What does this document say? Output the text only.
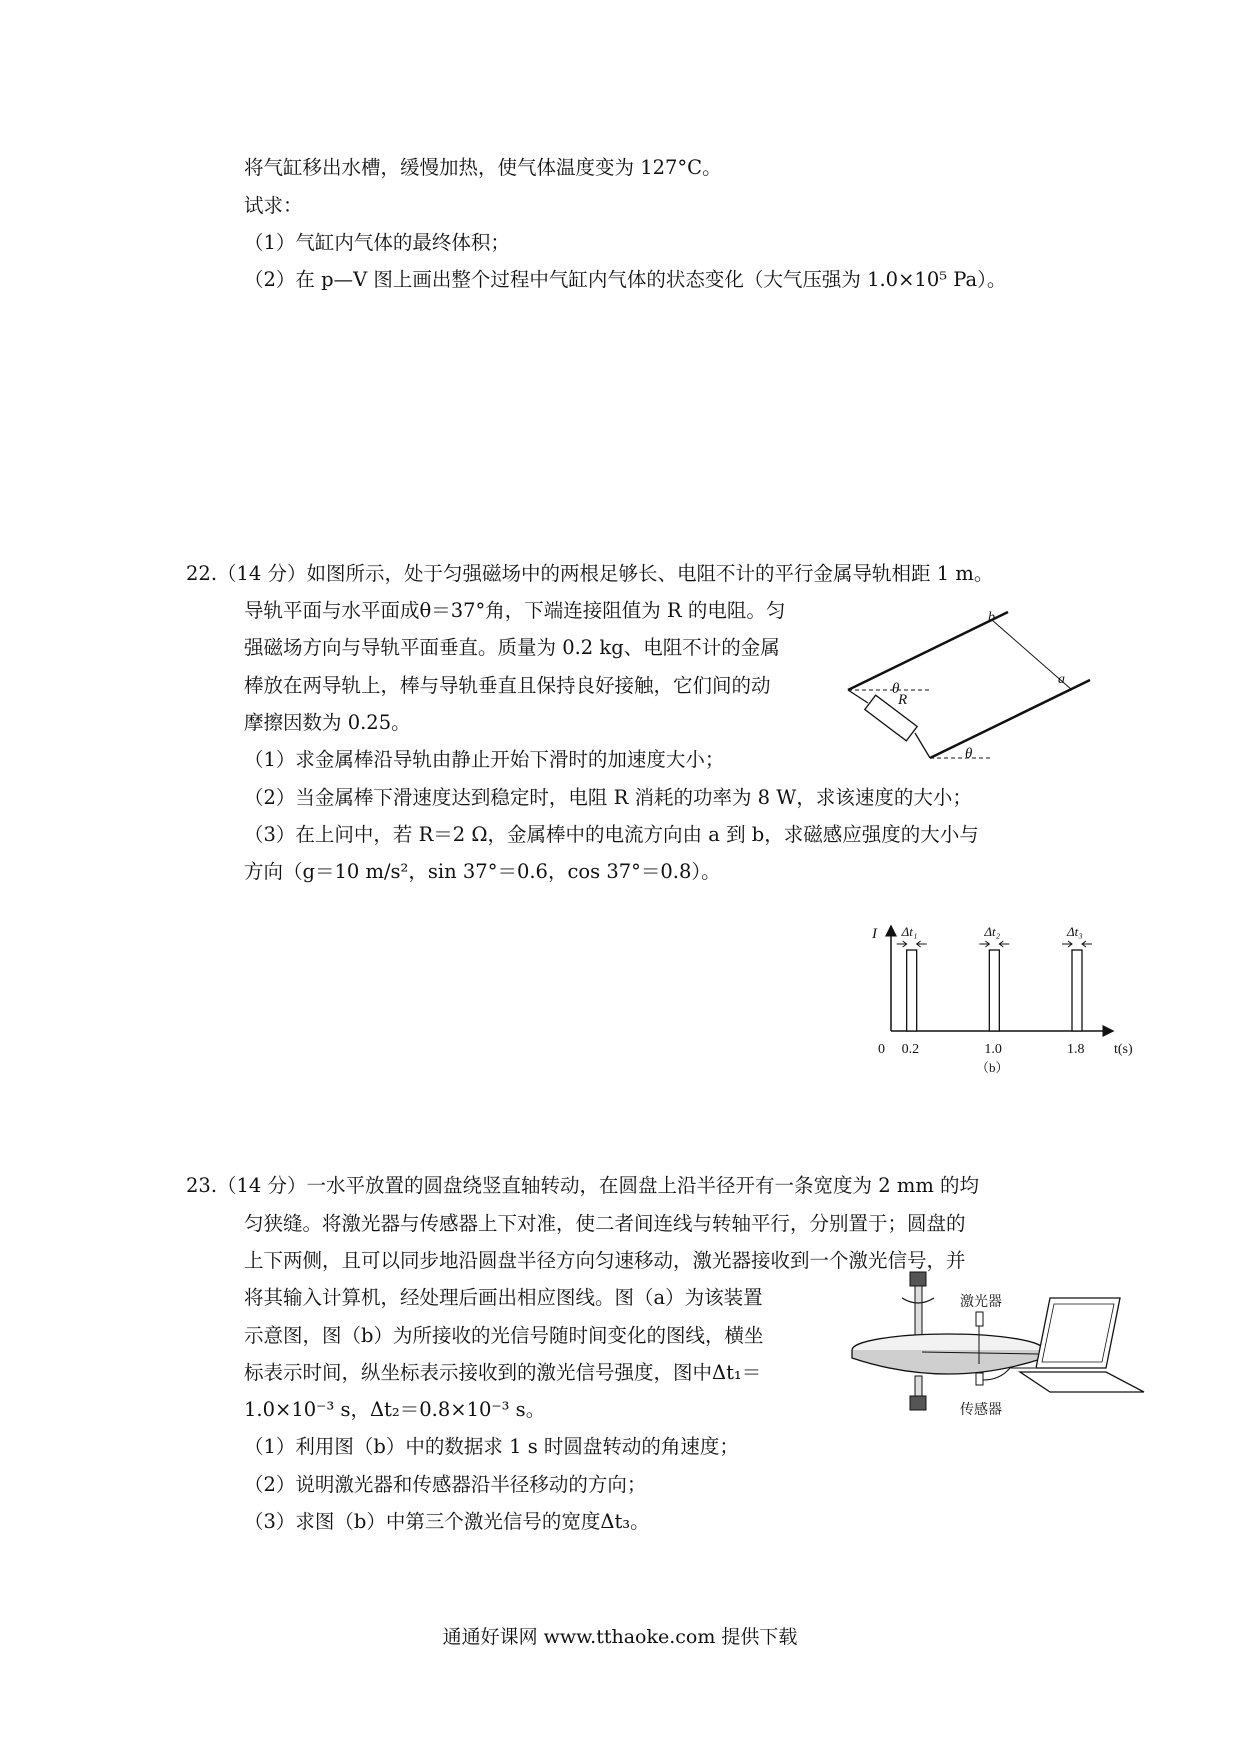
将气缸移出水槽，缓慢加热，使气体温度变为 127°C。
试求：
（1）气缸内气体的最终体积；
（2）在 p—V 图上画出整个过程中气缸内气体的状态变化（大气压强为 1.0×10⁵ Pa）。
22.（14 分）如图所示，处于匀强磁场中的两根足够长、电阻不计的平行金属导轨相距 1 m。
导轨平面与水平面成θ＝37°角，下端连接阻值为 R 的电阻。匀
强磁场方向与导轨平面垂直。质量为 0.2 kg、电阻不计的金属
棒放在两导轨上，棒与导轨垂直且保持良好接触，它们间的动
摩擦因数为 0.25。
（1）求金属棒沿导轨由静止开始下滑时的加速度大小；
（2）当金属棒下滑速度达到稳定时，电阻 R 消耗的功率为 8 W，求该速度的大小；
（3）在上问中，若 R＝2 Ω，金属棒中的电流方向由 a 到 b，求磁感应强度的大小与
方向（g＝10 m/s²，sin 37°＝0.6，cos 37°＝0.8）。
θ
θ
R
b
a
I
t(s)
0
（b）
0.2
Δt₁
1.0
Δt₂
1.8
Δt₃
23.（14 分）一水平放置的圆盘绕竖直轴转动，在圆盘上沿半径开有一条宽度为 2 mm 的均
匀狭缝。将激光器与传感器上下对准，使二者间连线与转轴平行，分别置于；圆盘的
上下两侧，且可以同步地沿圆盘半径方向匀速移动，激光器接收到一个激光信号，并
将其输入计算机，经处理后画出相应图线。图（a）为该装置
示意图，图（b）为所接收的光信号随时间变化的图线，横坐
标表示时间，纵坐标表示接收到的激光信号强度，图中Δt₁＝
1.0×10⁻³ s，Δt₂＝0.8×10⁻³ s。
（1）利用图（b）中的数据求 1 s 时圆盘转动的角速度；
（2）说明激光器和传感器沿半径移动的方向；
（3）求图（b）中第三个激光信号的宽度Δt₃。
激光器
传感器
通通好课网 www.tthaoke.com 提供下载
